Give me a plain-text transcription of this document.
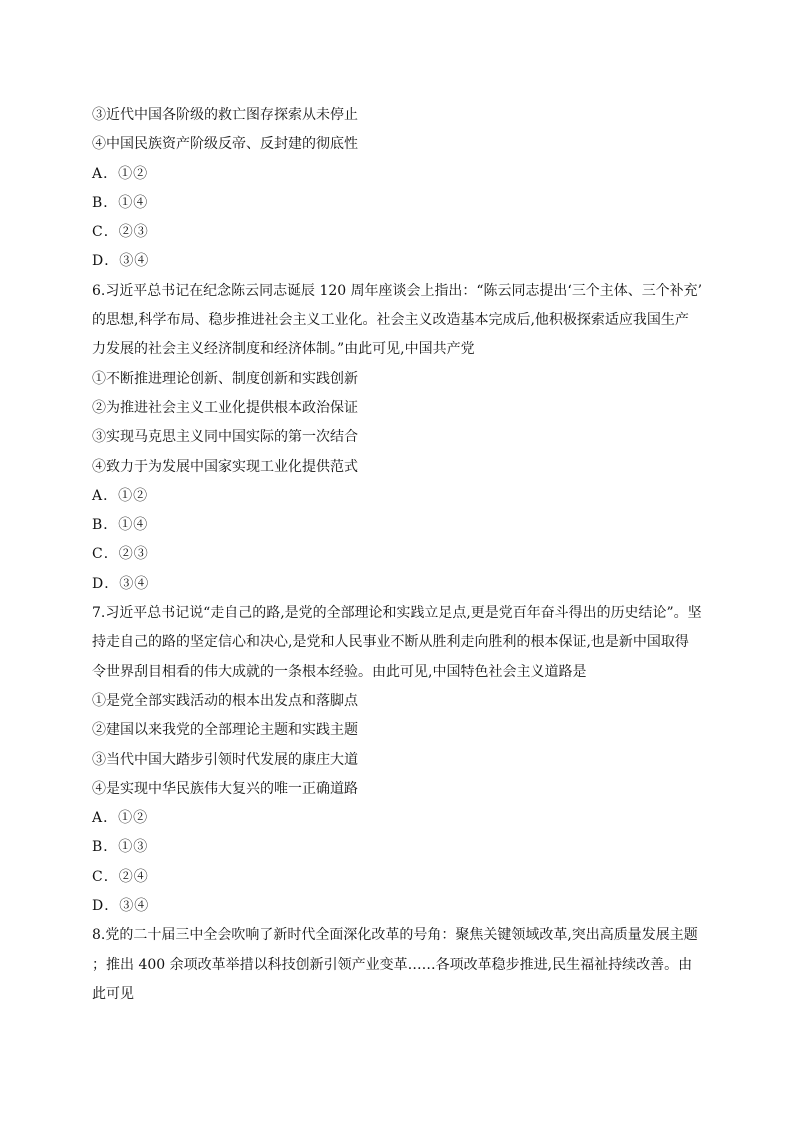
③近代中国各阶级的救亡图存探索从未停止
④中国民族资产阶级反帝、反封建的彻底性
A．①②
B．①④
C．②③
D．③④
6.习近平总书记在纪念陈云同志诞辰 120 周年座谈会上指出：“陈云同志提出‘三个主体、三个补充’
的思想,科学布局、稳步推进社会主义工业化。社会主义改造基本完成后,他积极探索适应我国生产
力发展的社会主义经济制度和经济体制。”由此可见,中国共产党
①不断推进理论创新、制度创新和实践创新
②为推进社会主义工业化提供根本政治保证
③实现马克思主义同中国实际的第一次结合
④致力于为发展中国家实现工业化提供范式
A．①②
B．①④
C．②③
D．③④
7.习近平总书记说“走自己的路,是党的全部理论和实践立足点,更是党百年奋斗得出的历史结论”。坚
持走自己的路的坚定信心和决心,是党和人民事业不断从胜利走向胜利的根本保证,也是新中国取得
令世界刮目相看的伟大成就的一条根本经验。由此可见,中国特色社会主义道路是
①是党全部实践活动的根本出发点和落脚点
②建国以来我党的全部理论主题和实践主题
③当代中国大踏步引领时代发展的康庄大道
④是实现中华民族伟大复兴的唯一正确道路
A．①②
B．①③
C．②④
D．③④
8.党的二十届三中全会吹响了新时代全面深化改革的号角：聚焦关键领域改革,突出高质量发展主题
；推出 400 余项改革举措以科技创新引领产业变革……各项改革稳步推进,民生福祉持续改善。由
此可见
